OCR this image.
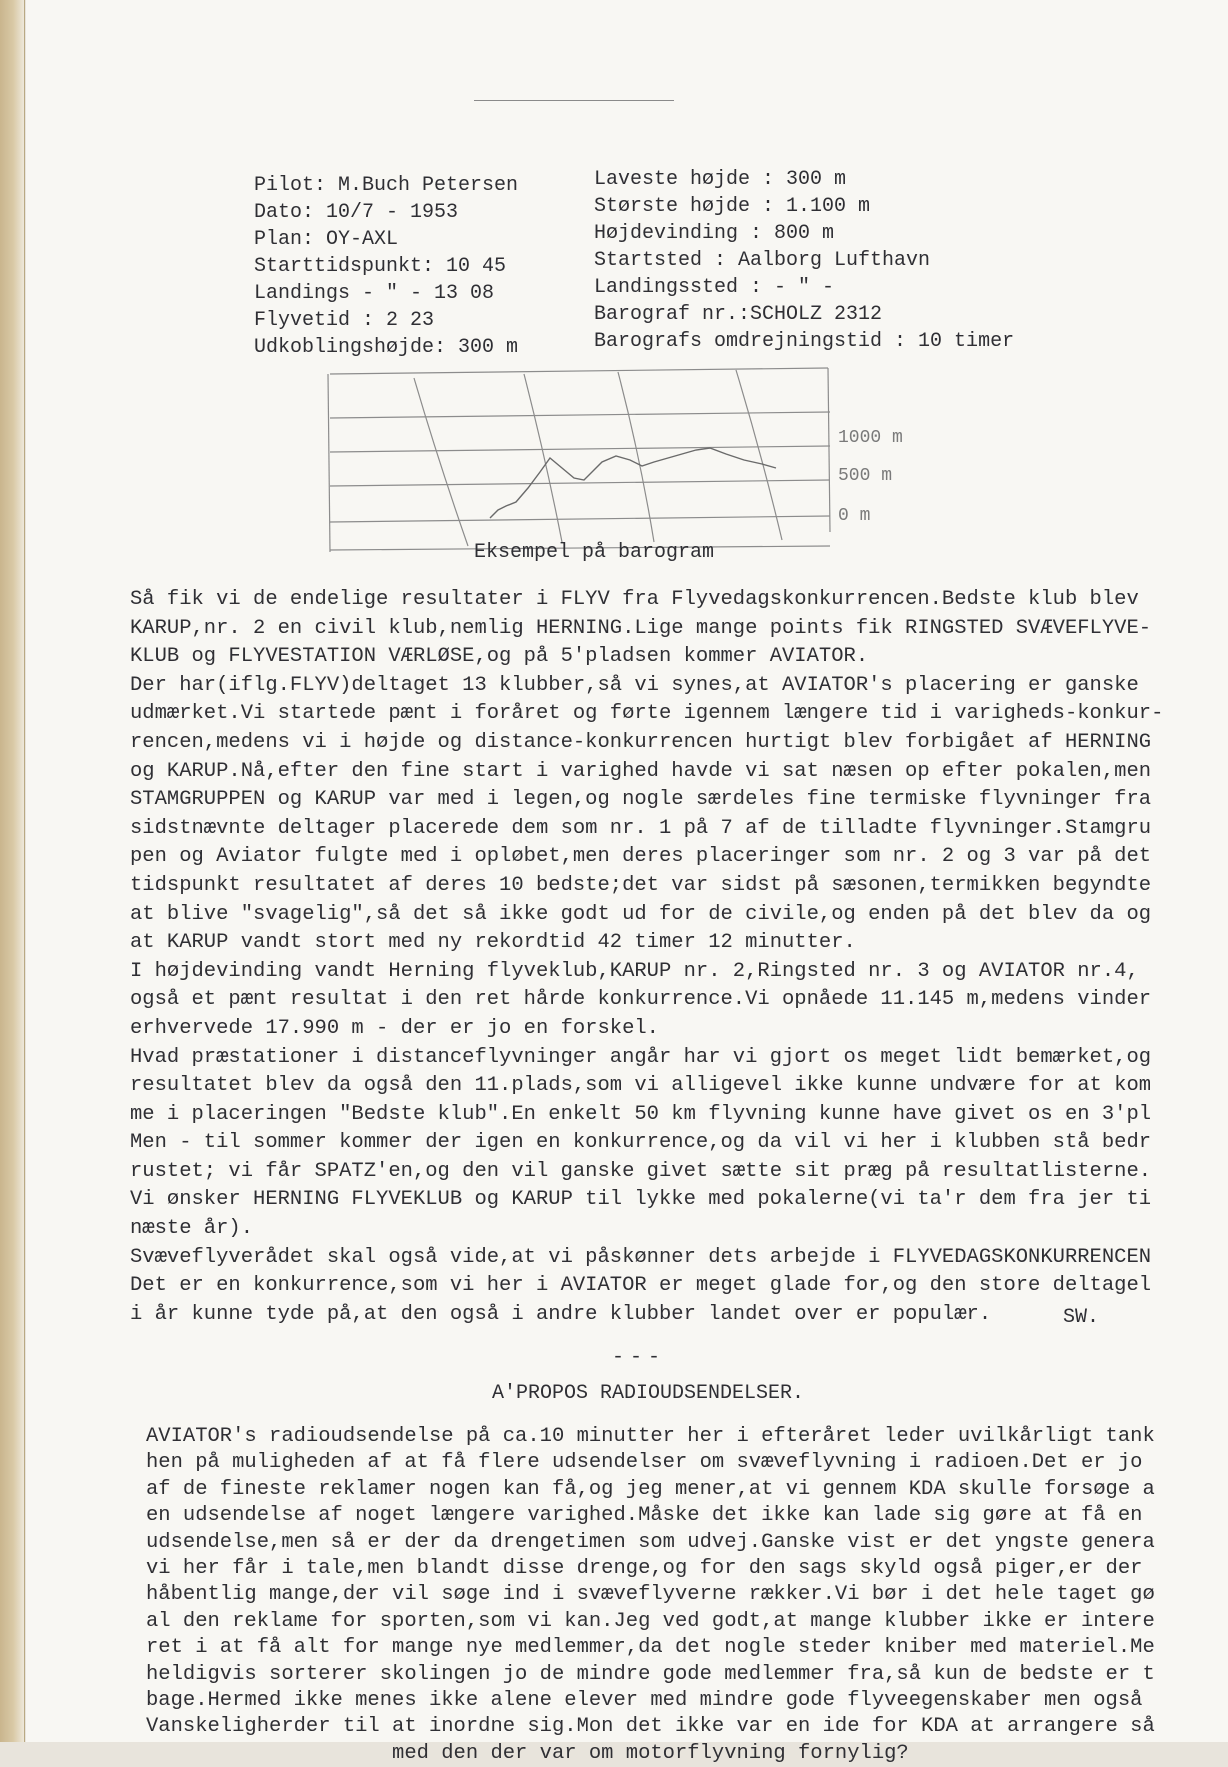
Pilot: M.Buch Petersen
Dato: 10/7 - 1953
Plan: OY-AXL
Starttidspunkt: 10 45
Landings - " - 13 08
Flyvetid : 2 23
Udkoblingshøjde: 300 m
Laveste højde : 300 m
Største højde : 1.100 m
Højdevinding : 800 m
Startsted : Aalborg Lufthavn
Landingssted : - " -
Barograf nr.:SCHOLZ 2312
Barografs omdrejningstid : 10 timer
1000 m
500 m
0 m
Eksempel på barogram

Så fik vi de endelige resultater i FLYV fra Flyvedagskonkurrencen.Bedste klub blev

KARUP,nr. 2 en civil klub,nemlig HERNING.Lige mange points fik RINGSTED SVÆVEFLYVE-

KLUB og FLYVESTATION VÆRLØSE,og på 5'pladsen kommer AVIATOR.

Der har(iflg.FLYV)deltaget 13 klubber,så vi synes,at AVIATOR's placering er ganske

udmærket.Vi startede pænt i foråret og førte igennem længere tid i varigheds-konkur-

rencen,medens vi i højde og distance-konkurrencen hurtigt blev forbigået af HERNING

og KARUP.Nå,efter den fine start i varighed havde vi sat næsen op efter pokalen,men

STAMGRUPPEN og KARUP var med i legen,og nogle særdeles fine termiske flyvninger fra

sidstnævnte deltager placerede dem som nr. 1 på 7 af de tilladte flyvninger.Stamgru

pen og Aviator fulgte med i opløbet,men deres placeringer som nr. 2 og 3 var på det

tidspunkt resultatet af deres 10 bedste;det var sidst på sæsonen,termikken begyndte

at blive "svagelig",så det så ikke godt ud for de civile,og enden på det blev da og

at KARUP vandt stort med ny rekordtid 42 timer 12 minutter.

I højdevinding vandt Herning flyveklub,KARUP nr. 2,Ringsted nr. 3 og AVIATOR nr.4,

også et pænt resultat i den ret hårde konkurrence.Vi opnåede 11.145 m,medens vinder

erhvervede 17.990 m - der er jo en forskel.

Hvad præstationer i distanceflyvninger angår har vi gjort os meget lidt bemærket,og

resultatet blev da også den 11.plads,som vi alligevel ikke kunne undvære for at kom

me i placeringen "Bedste klub".En enkelt 50 km flyvning kunne have givet os en 3'pl

Men - til sommer kommer der igen en konkurrence,og da vil vi her i klubben stå bedr

rustet; vi får SPATZ'en,og den vil ganske givet sætte sit præg på resultatlisterne.

Vi ønsker HERNING FLYVEKLUB og KARUP til lykke med pokalerne(vi ta'r dem fra jer ti

næste år).

Svæveflyverådet skal også vide,at vi påskønner dets arbejde i FLYVEDAGSKONKURRENCEN

Det er en konkurrence,som vi her i AVIATOR er meget glade for,og den store deltagel

i år kunne tyde på,at den også i andre klubber landet over er populær.	SW.
---
A'PROPOS RADIOUDSENDELSER.

AVIATOR's radioudsendelse på ca.10 minutter her i efteråret leder uvilkårligt tank

hen på muligheden af at få flere udsendelser om svæveflyvning i radioen.Det er jo

af de fineste reklamer nogen kan få,og jeg mener,at vi gennem KDA skulle forsøge a

en udsendelse af noget længere varighed.Måske det ikke kan lade sig gøre at få en

udsendelse,men så er der da drengetimen som udvej.Ganske vist er det yngste genera

vi her får i tale,men blandt disse drenge,og for den sags skyld også piger,er der

håbentlig mange,der vil søge ind i svæveflyverne rækker.Vi bør i det hele taget gø

al den reklame for sporten,som vi kan.Jeg ved godt,at mange klubber ikke er intere

ret i at få alt for mange nye medlemmer,da det nogle steder kniber med materiel.Me

heldigvis sorterer skolingen jo de mindre gode medlemmer fra,så kun de bedste er t

bage.Hermed ikke menes ikke alene elever med mindre gode flyveegenskaber men også

Vanskeligherder til at inordne sig.Mon det ikke var en ide for KDA at arrangere så

med den der var om motorflyvning fornylig?
